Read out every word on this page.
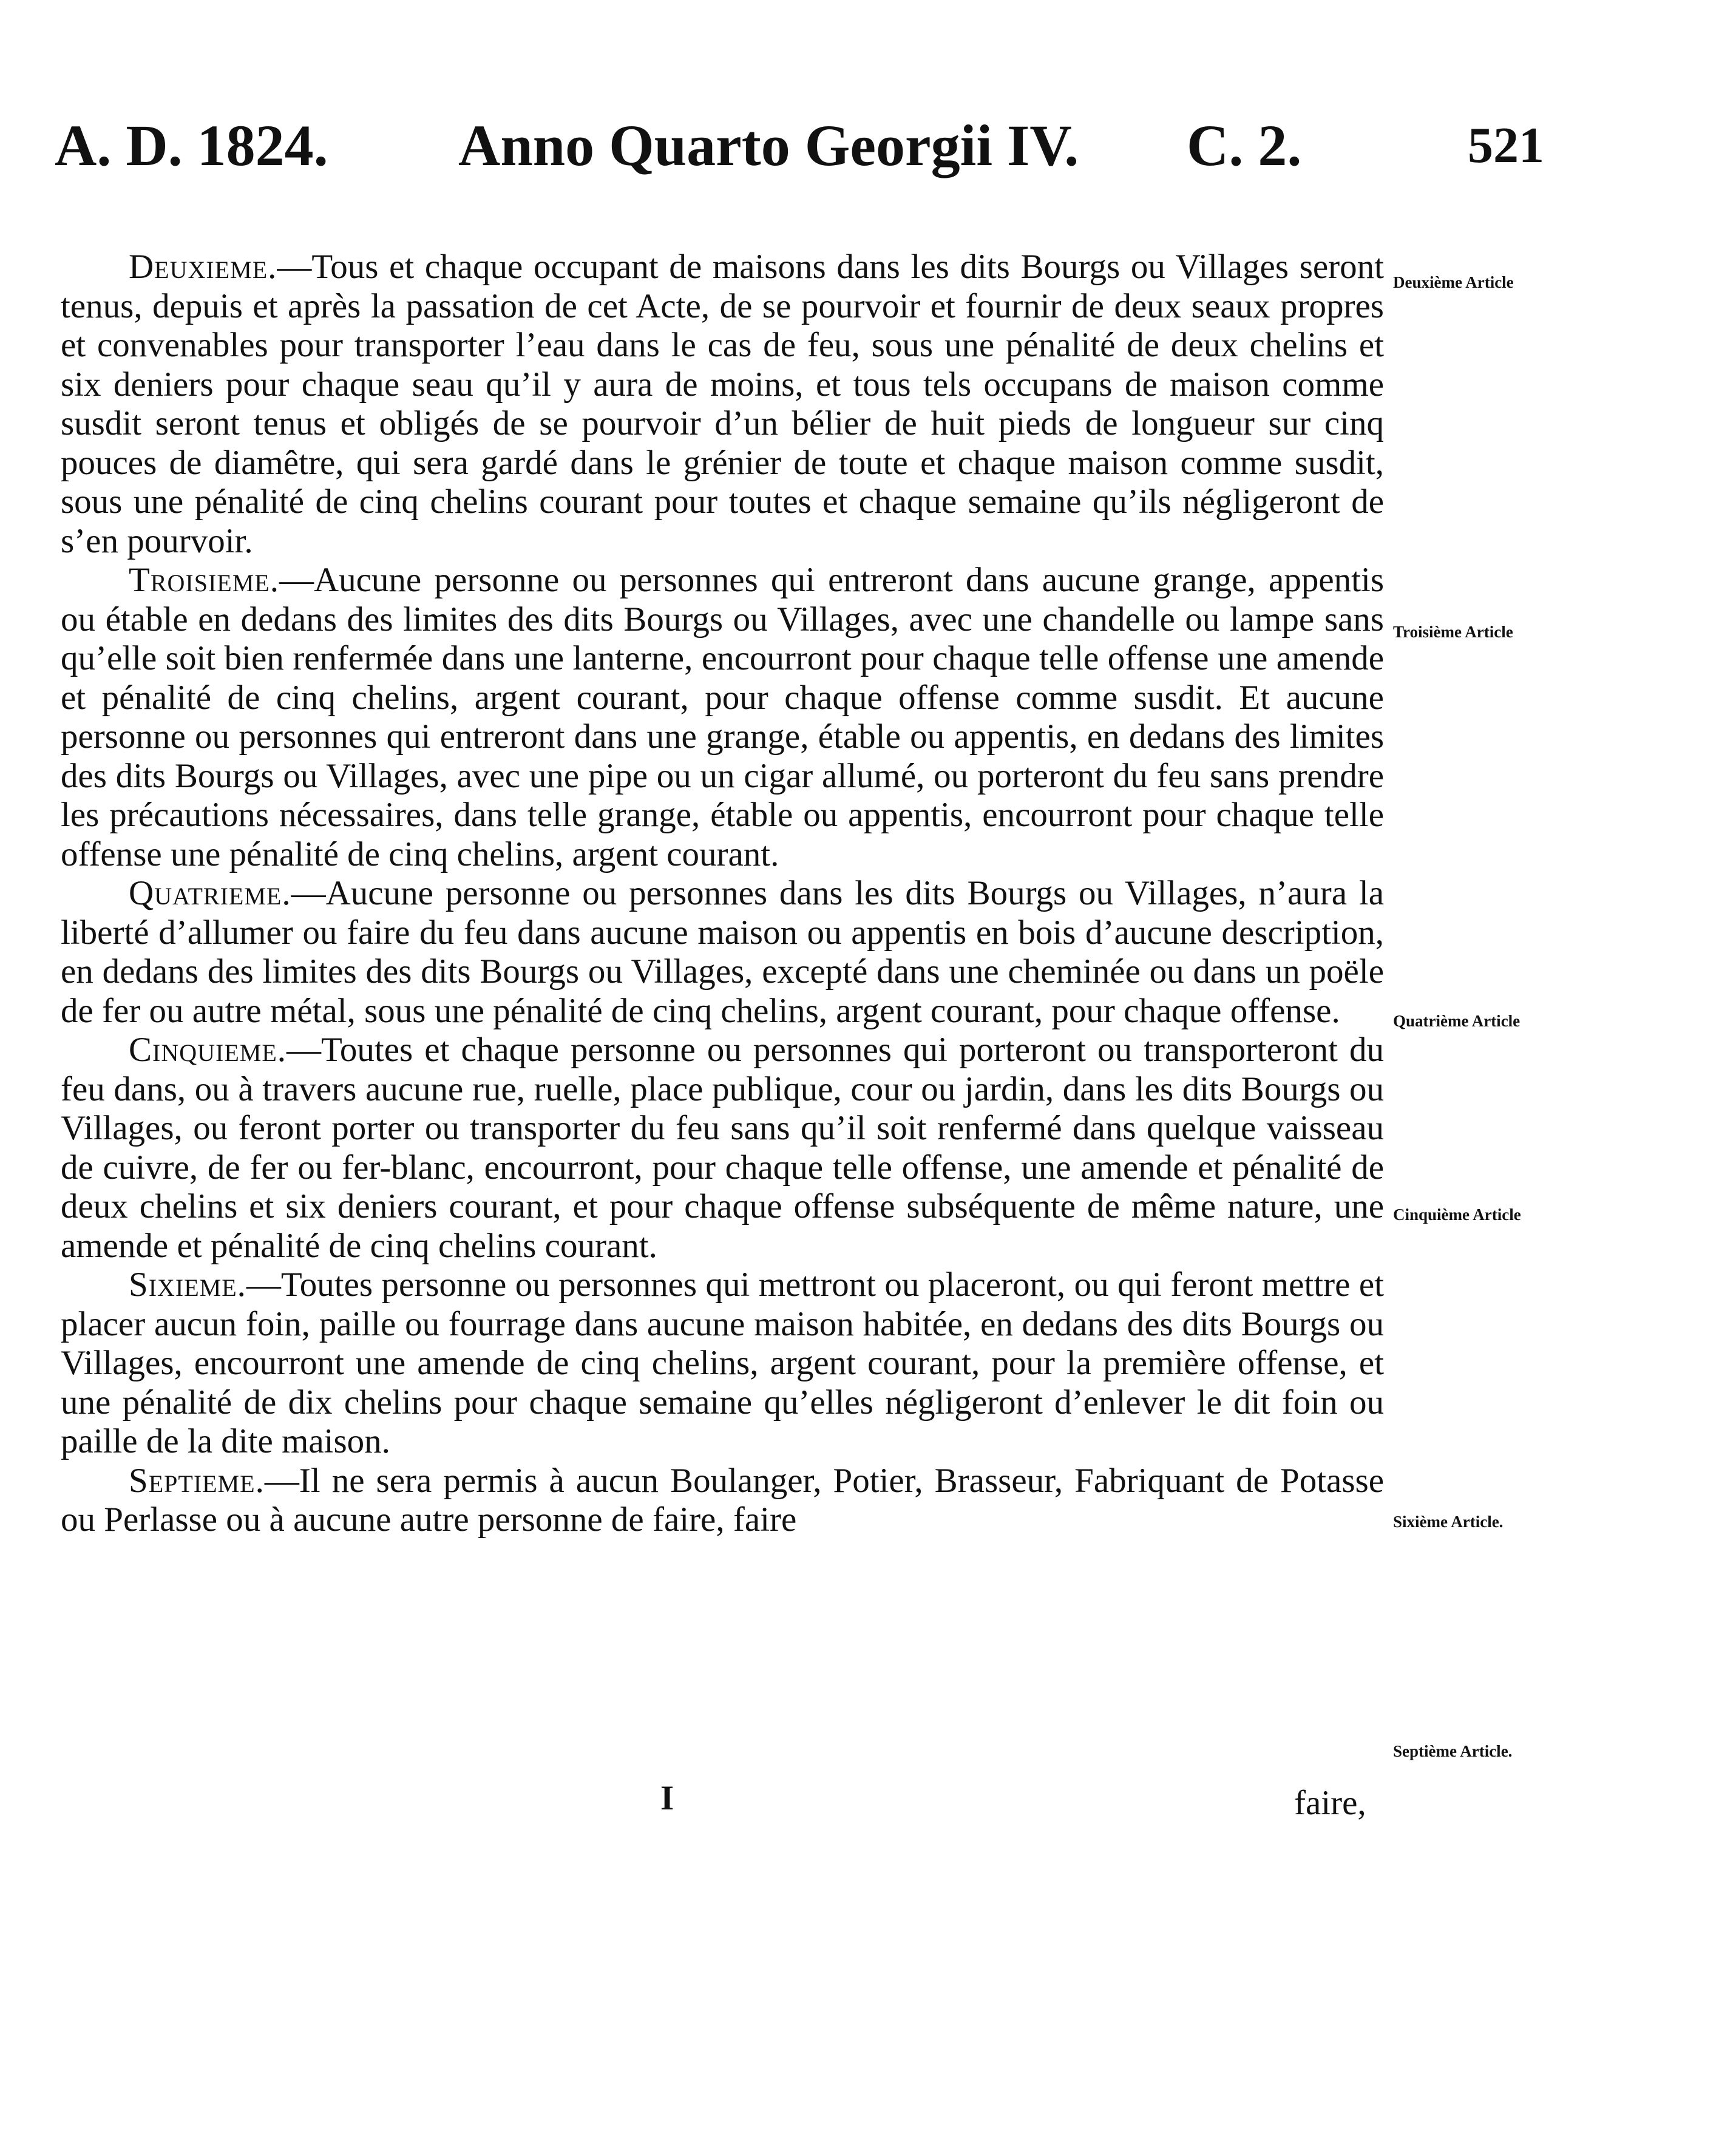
A. D. 1824. Anno Quarto Georgii IV. C. 2.	521

Deuxieme.—Tous et chaque occupant de maisons dans les dits Bourgs ou Villages seront tenus, depuis et après la passation de cet Acte, de se pourvoir et fournir de deux seaux propres et convenables pour transporter l’eau dans le cas de feu, sous une pénalité de deux chelins et six deniers pour chaque seau qu’il y aura de moins, et tous tels occupans de maison comme susdit seront tenus et obligés de se pourvoir d’un bélier de huit pieds de longueur sur cinq pouces de diamêtre, qui sera gardé dans le grénier de toute et chaque maison comme susdit, sous une pénalité de cinq chelins courant pour toutes et chaque semaine qu’ils négligeront de s’en pourvoir.

Troisieme.—Aucune personne ou personnes qui entreront dans aucune grange, appentis ou étable en dedans des limites des dits Bourgs ou Villages, avec une chandelle ou lampe sans qu’elle soit bien renfermée dans une lanterne, encourront pour chaque telle offense une amende et pénalité de cinq chelins, argent courant, pour chaque offense comme susdit. Et aucune personne ou personnes qui entreront dans une grange, étable ou appentis, en dedans des limites des dits Bourgs ou Villages, avec une pipe ou un cigar allumé, ou porteront du feu sans prendre les précautions nécessaires, dans telle grange, étable ou appentis, encourront pour chaque telle offense une pénalité de cinq chelins, argent courant.

Quatrieme.—Aucune personne ou personnes dans les dits Bourgs ou Villages, n’aura la liberté d’allumer ou faire du feu dans aucune maison ou appentis en bois d’aucune description, en dedans des limites des dits Bourgs ou Villages, excepté dans une cheminée ou dans un poële de fer ou autre métal, sous une pénalité de cinq chelins, argent courant, pour chaque offense.

Cinquieme.—Toutes et chaque personne ou personnes qui porteront ou transporteront du feu dans, ou à travers aucune rue, ruelle, place publique, cour ou jardin, dans les dits Bourgs ou Villages, ou feront porter ou transporter du feu sans qu’il soit renfermé dans quelque vaisseau de cuivre, de fer ou fer-blanc, encourront, pour chaque telle offense, une amende et pénalité de deux chelins et six deniers courant, et pour chaque offense subséquente de même nature, une amende et pénalité de cinq chelins courant.

Sixieme.—Toutes personne ou personnes qui mettront ou placeront, ou qui feront mettre et placer aucun foin, paille ou fourrage dans aucune maison habitée, en dedans des dits Bourgs ou Villages, encourront une amende de cinq chelins, argent courant, pour la première offense, et une pénalité de dix chelins pour chaque semaine qu’elles négligeront d’enlever le dit foin ou paille de la dite maison.

Septieme.—Il ne sera permis à aucun Boulanger, Potier, Brasseur, Fabriquant de Potasse ou Perlasse ou à aucune autre personne de faire, faire

Deuxième Article
Troisième Article
Quatrième Article
Cinquième Article
Sixième Article.
Septième Article.
I	faire,
